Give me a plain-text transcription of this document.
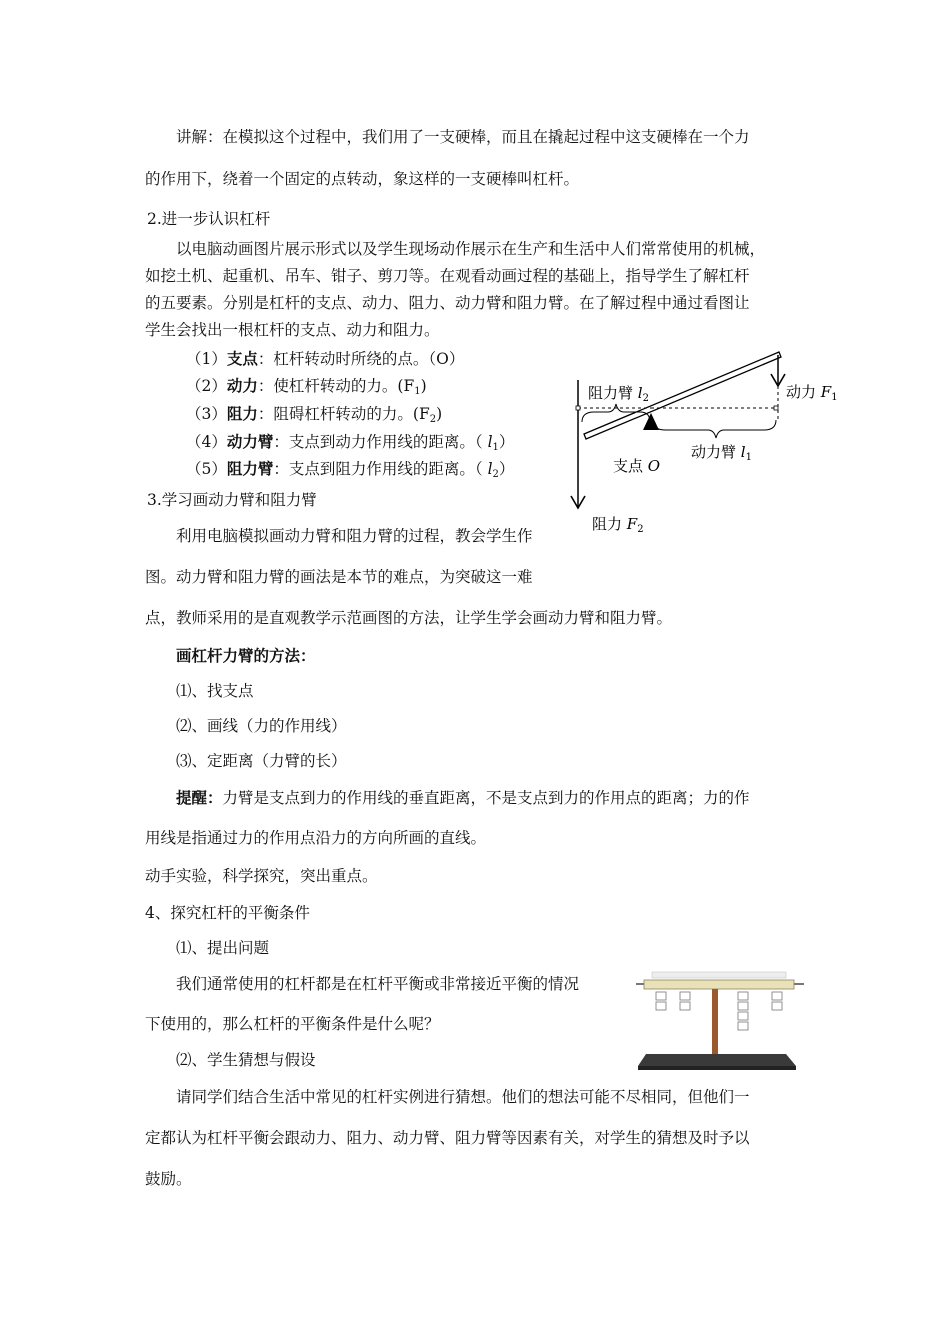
讲解：在模拟这个过程中，我们用了一支硬棒，而且在撬起过程中这支硬棒在一个力
的作用下，绕着一个固定的点转动，象这样的一支硬棒叫杠杆。
2.进一步认识杠杆
以电脑动画图片展示形式以及学生现场动作展示在生产和生活中人们常常使用的机械，
如挖土机、起重机、吊车、钳子、剪刀等。在观看动画过程的基础上，指导学生了解杠杆
的五要素。分别是杠杆的支点、动力、阻力、动力臂和阻力臂。在了解过程中通过看图让
学生会找出一根杠杆的支点、动力和阻力。
（1）支点：杠杆转动时所绕的点。（O）
（2）动力：使杠杆转动的力。$(F_1)$
（3）阻力：阻碍杠杆转动的力。$(F_2)$
（4）动力臂：支点到动力作用线的距离。（ $l_1$）
（5）阻力臂：支点到阻力作用线的距离。（ $l_2$）
阻力臂 $l_2$	动力 $F_1$
动力臂 $l_1$
支点 O
阻力 $F_2$
3.学习画动力臂和阻力臂
利用电脑模拟画动力臂和阻力臂的过程，教会学生作
图。动力臂和阻力臂的画法是本节的难点，为突破这一难
点，教师采用的是直观教学示范画图的方法，让学生学会画动力臂和阻力臂。
画杠杆力臂的方法：
⑴、找支点
⑵、画线（力的作用线）
⑶、定距离（力臂的长）
提醒：力臂是支点到力的作用线的垂直距离，不是支点到力的作用点的距离；力的作
用线是指通过力的作用点沿力的方向所画的直线。
动手实验，科学探究，突出重点。
4、探究杠杆的平衡条件
⑴、提出问题
我们通常使用的杠杆都是在杠杆平衡或非常接近平衡的情况
下使用的，那么杠杆的平衡条件是什么呢？
⑵、学生猜想与假设
请同学们结合生活中常见的杠杆实例进行猜想。他们的想法可能不尽相同，但他们一
定都认为杠杆平衡会跟动力、阻力、动力臂、阻力臂等因素有关，对学生的猜想及时予以
鼓励。
